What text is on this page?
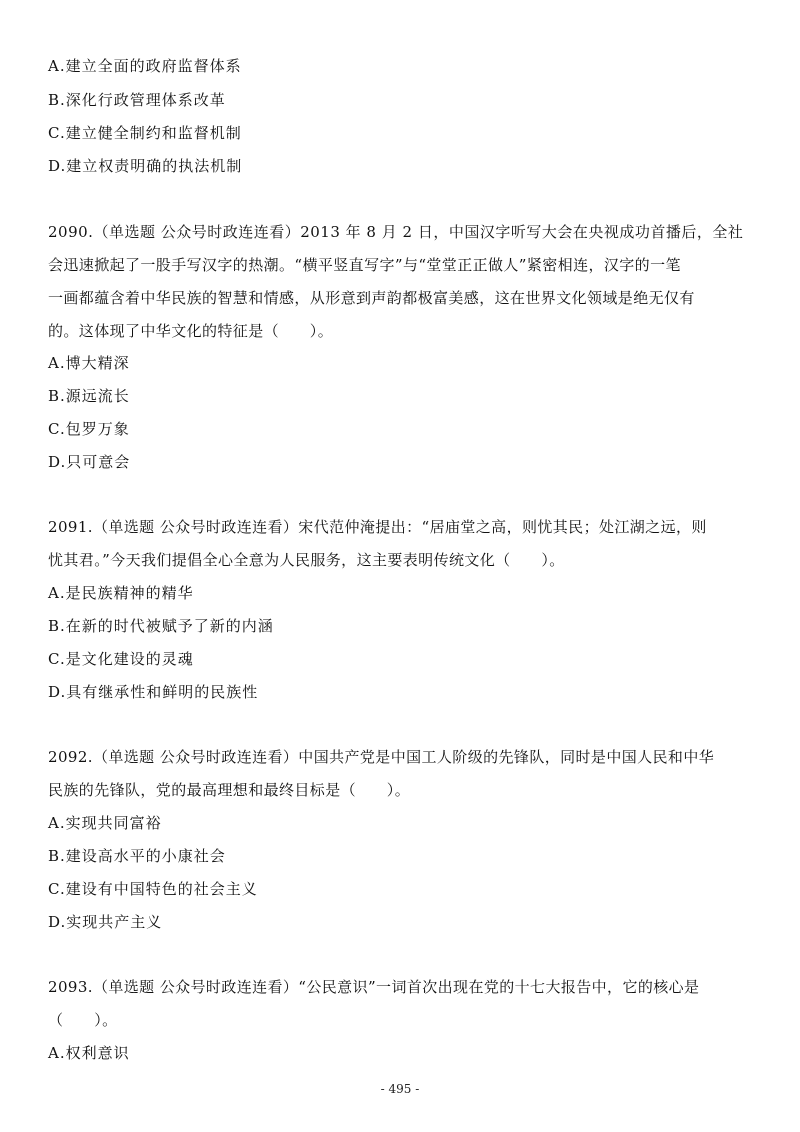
A.建立全面的政府监督体系
B.深化行政管理体系改革
C.建立健全制约和监督机制
D.建立权责明确的执法机制
2090.（单选题 公众号时政连连看）2013 年 8 月 2 日，中国汉字听写大会在央视成功首播后，全社
会迅速掀起了一股手写汉字的热潮。“横平竖直写字”与“堂堂正正做人”紧密相连，汉字的一笔
一画都蕴含着中华民族的智慧和情感，从形意到声韵都极富美感，这在世界文化领域是绝无仅有
的。这体现了中华文化的特征是（　　）。
A.博大精深
B.源远流长
C.包罗万象
D.只可意会
2091.（单选题 公众号时政连连看）宋代范仲淹提出：“居庙堂之高，则忧其民；处江湖之远，则
忧其君。”今天我们提倡全心全意为人民服务，这主要表明传统文化（　　）。
A.是民族精神的精华
B.在新的时代被赋予了新的内涵
C.是文化建设的灵魂
D.具有继承性和鲜明的民族性
2092.（单选题 公众号时政连连看）中国共产党是中国工人阶级的先锋队，同时是中国人民和中华
民族的先锋队，党的最高理想和最终目标是（　　）。
A.实现共同富裕
B.建设高水平的小康社会
C.建设有中国特色的社会主义
D.实现共产主义
2093.（单选题 公众号时政连连看）“公民意识”一词首次出现在党的十七大报告中，它的核心是
（　　）。
A.权利意识
- 495 -
